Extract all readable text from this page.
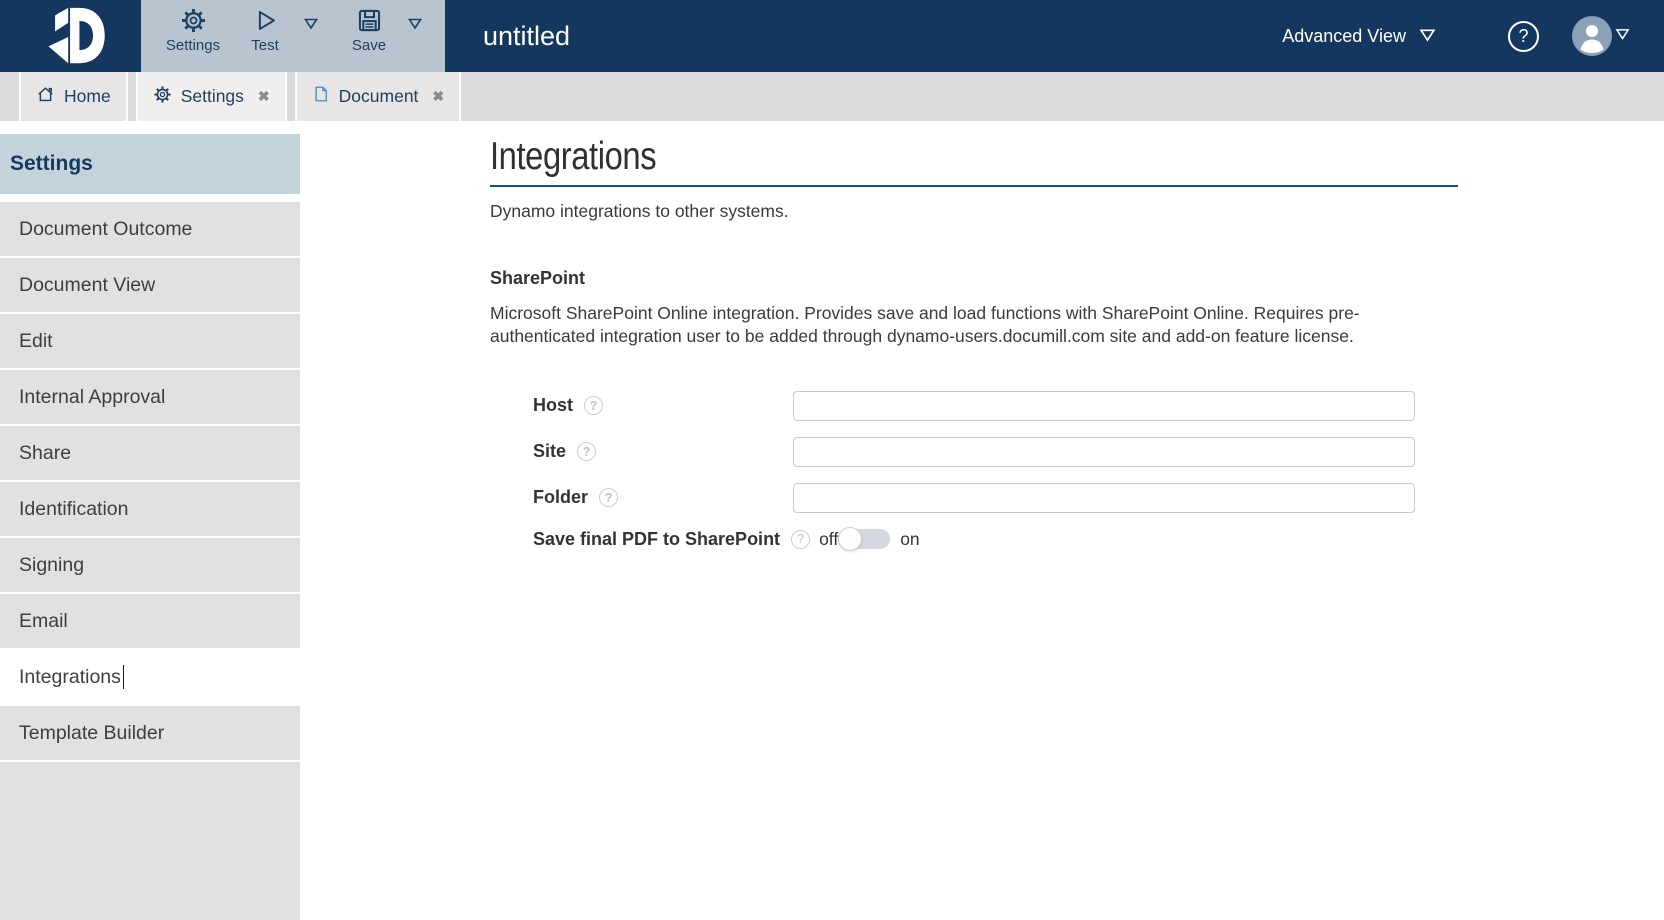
Settings Test	Save	untitled	Advanced View	?
Home	Settings ✖	Document ✖
Settings
Document Outcome
Document View
Edit
Internal Approval
Share
Identification
Signing
Email
Integrations
Template Builder
Integrations
Dynamo integrations to other systems.
SharePoint
Microsoft SharePoint Online integration. Provides save and load functions with SharePoint Online. Requires pre-authenticated integration user to be added through dynamo-users.documill.com site and add-on feature license.
Host	?
Site	?
Folder	?
Save final PDF to SharePoint	? off	on
